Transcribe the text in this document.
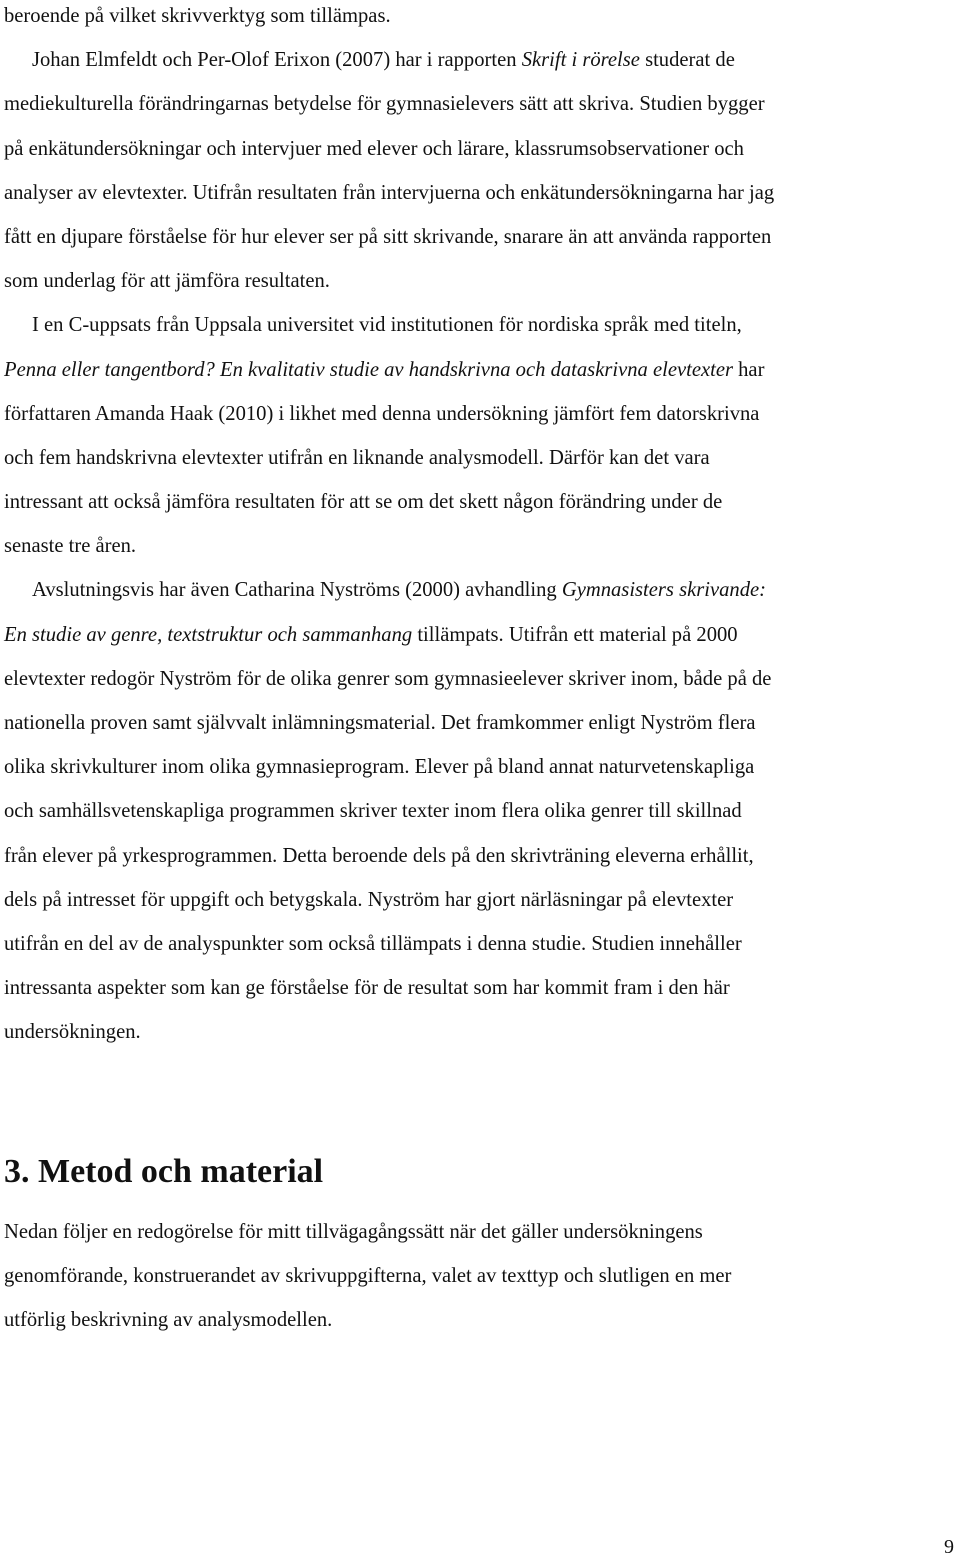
beroende på vilket skrivverktyg som tillämpas.
Johan Elmfeldt och Per-Olof Erixon (2007) har i rapporten Skrift i rörelse studerat de
mediekulturella förändringarnas betydelse för gymnasielevers sätt att skriva. Studien bygger
på enkätundersökningar och intervjuer med elever och lärare, klassrumsobservationer och
analyser av elevtexter. Utifrån resultaten från intervjuerna och enkätundersökningarna har jag
fått en djupare förståelse för hur elever ser på sitt skrivande, snarare än att använda rapporten
som underlag för att jämföra resultaten.
I en C-uppsats från Uppsala universitet vid institutionen för nordiska språk med titeln,
Penna eller tangentbord? En kvalitativ studie av handskrivna och dataskrivna elevtexter har
författaren Amanda Haak (2010) i likhet med denna undersökning jämfört fem datorskrivna
och fem handskrivna elevtexter utifrån en liknande analysmodell. Därför kan det vara
intressant att också jämföra resultaten för att se om det skett någon förändring under de
senaste tre åren.
Avslutningsvis har även Catharina Nyströms (2000) avhandling Gymnasisters skrivande:
En studie av genre, textstruktur och sammanhang tillämpats. Utifrån ett material på 2000
elevtexter redogör Nyström för de olika genrer som gymnasieelever skriver inom, både på de
nationella proven samt självvalt inlämningsmaterial. Det framkommer enligt Nyström flera
olika skrivkulturer inom olika gymnasieprogram. Elever på bland annat naturvetenskapliga
och samhällsvetenskapliga programmen skriver texter inom flera olika genrer till skillnad
från elever på yrkesprogrammen. Detta beroende dels på den skrivträning eleverna erhållit,
dels på intresset för uppgift och betygskala. Nyström har gjort närläsningar på elevtexter
utifrån en del av de analyspunkter som också tillämpats i denna studie. Studien innehåller
intressanta aspekter som kan ge förståelse för de resultat som har kommit fram i den här
undersökningen.
3. Metod och material
Nedan följer en redogörelse för mitt tillvägagångssätt när det gäller undersökningens
genomförande, konstruerandet av skrivuppgifterna, valet av texttyp och slutligen en mer
utförlig beskrivning av analysmodellen.
9
